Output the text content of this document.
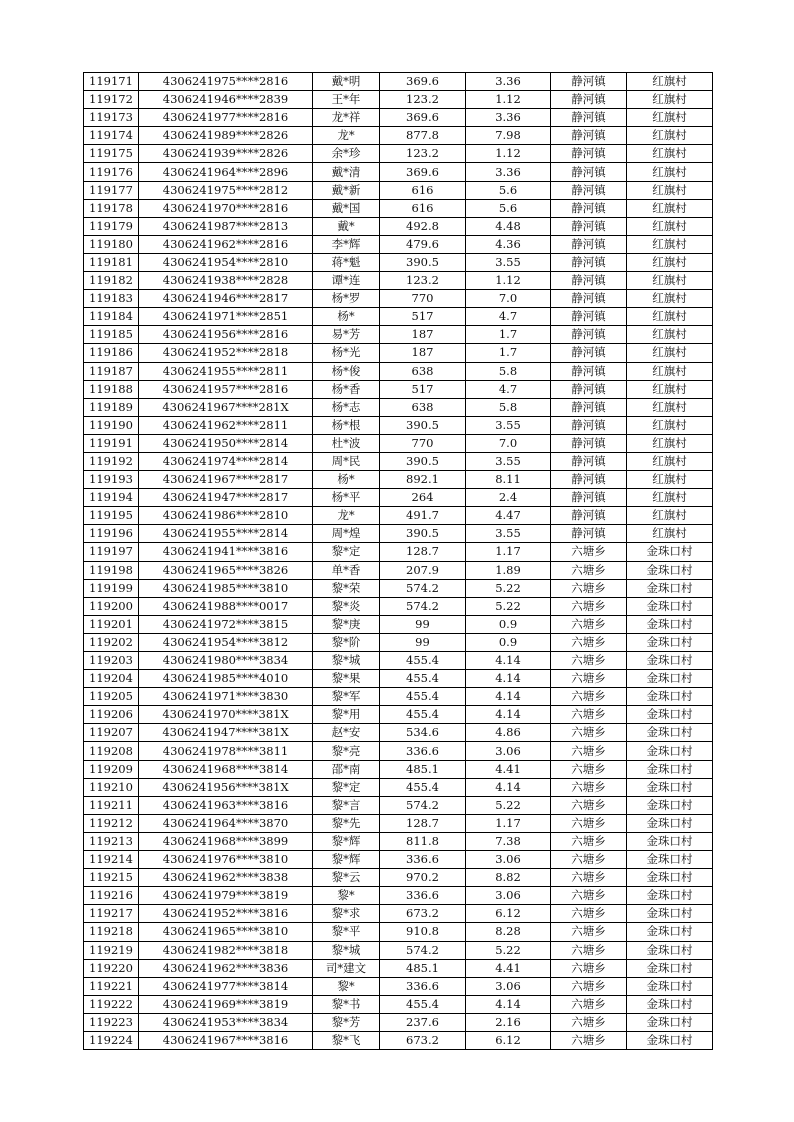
119171	4306241975****2816	戴*明	369.6	3.36	静河镇	红旗村
119172	4306241946****2839	王*年	123.2	1.12	静河镇	红旗村
119173	4306241977****2816	龙*祥	369.6	3.36	静河镇	红旗村
119174	4306241989****2826	龙*	877.8	7.98	静河镇	红旗村
119175	4306241939****2826	余*珍	123.2	1.12	静河镇	红旗村
119176	4306241964****2896	戴*清	369.6	3.36	静河镇	红旗村
119177	4306241975****2812	戴*新	616	5.6	静河镇	红旗村
119178	4306241970****2816	戴*国	616	5.6	静河镇	红旗村
119179	4306241987****2813	戴*	492.8	4.48	静河镇	红旗村
119180	4306241962****2816	李*辉	479.6	4.36	静河镇	红旗村
119181	4306241954****2810	蒋*魁	390.5	3.55	静河镇	红旗村
119182	4306241938****2828	谭*连	123.2	1.12	静河镇	红旗村
119183	4306241946****2817	杨*罗	770	7.0	静河镇	红旗村
119184	4306241971****2851	杨*	517	4.7	静河镇	红旗村
119185	4306241956****2816	易*芳	187	1.7	静河镇	红旗村
119186	4306241952****2818	杨*光	187	1.7	静河镇	红旗村
119187	4306241955****2811	杨*俊	638	5.8	静河镇	红旗村
119188	4306241957****2816	杨*香	517	4.7	静河镇	红旗村
119189	4306241967****281X	杨*志	638	5.8	静河镇	红旗村
119190	4306241962****2811	杨*根	390.5	3.55	静河镇	红旗村
119191	4306241950****2814	杜*波	770	7.0	静河镇	红旗村
119192	4306241974****2814	周*民	390.5	3.55	静河镇	红旗村
119193	4306241967****2817	杨*	892.1	8.11	静河镇	红旗村
119194	4306241947****2817	杨*平	264	2.4	静河镇	红旗村
119195	4306241986****2810	龙*	491.7	4.47	静河镇	红旗村
119196	4306241955****2814	周*煌	390.5	3.55	静河镇	红旗村
119197	4306241941****3816	黎*定	128.7	1.17	六塘乡	金珠口村
119198	4306241965****3826	单*香	207.9	1.89	六塘乡	金珠口村
119199	4306241985****3810	黎*荣	574.2	5.22	六塘乡	金珠口村
119200	4306241988****0017	黎*炎	574.2	5.22	六塘乡	金珠口村
119201	4306241972****3815	黎*庚	99	0.9	六塘乡	金珠口村
119202	4306241954****3812	黎*阶	99	0.9	六塘乡	金珠口村
119203	4306241980****3834	黎*城	455.4	4.14	六塘乡	金珠口村
119204	4306241985****4010	黎*果	455.4	4.14	六塘乡	金珠口村
119205	4306241971****3830	黎*军	455.4	4.14	六塘乡	金珠口村
119206	4306241970****381X	黎*用	455.4	4.14	六塘乡	金珠口村
119207	4306241947****381X	赵*安	534.6	4.86	六塘乡	金珠口村
119208	4306241978****3811	黎*亮	336.6	3.06	六塘乡	金珠口村
119209	4306241968****3814	邵*南	485.1	4.41	六塘乡	金珠口村
119210	4306241956****381X	黎*定	455.4	4.14	六塘乡	金珠口村
119211	4306241963****3816	黎*言	574.2	5.22	六塘乡	金珠口村
119212	4306241964****3870	黎*先	128.7	1.17	六塘乡	金珠口村
119213	4306241968****3899	黎*辉	811.8	7.38	六塘乡	金珠口村
119214	4306241976****3810	黎*辉	336.6	3.06	六塘乡	金珠口村
119215	4306241962****3838	黎*云	970.2	8.82	六塘乡	金珠口村
119216	4306241979****3819	黎*	336.6	3.06	六塘乡	金珠口村
119217	4306241952****3816	黎*求	673.2	6.12	六塘乡	金珠口村
119218	4306241965****3810	黎*平	910.8	8.28	六塘乡	金珠口村
119219	4306241982****3818	黎*城	574.2	5.22	六塘乡	金珠口村
119220	4306241962****3836	司*建文	485.1	4.41	六塘乡	金珠口村
119221	4306241977****3814	黎*	336.6	3.06	六塘乡	金珠口村
119222	4306241969****3819	黎*书	455.4	4.14	六塘乡	金珠口村
119223	4306241953****3834	黎*芳	237.6	2.16	六塘乡	金珠口村
119224	4306241967****3816	黎*飞	673.2	6.12	六塘乡	金珠口村
